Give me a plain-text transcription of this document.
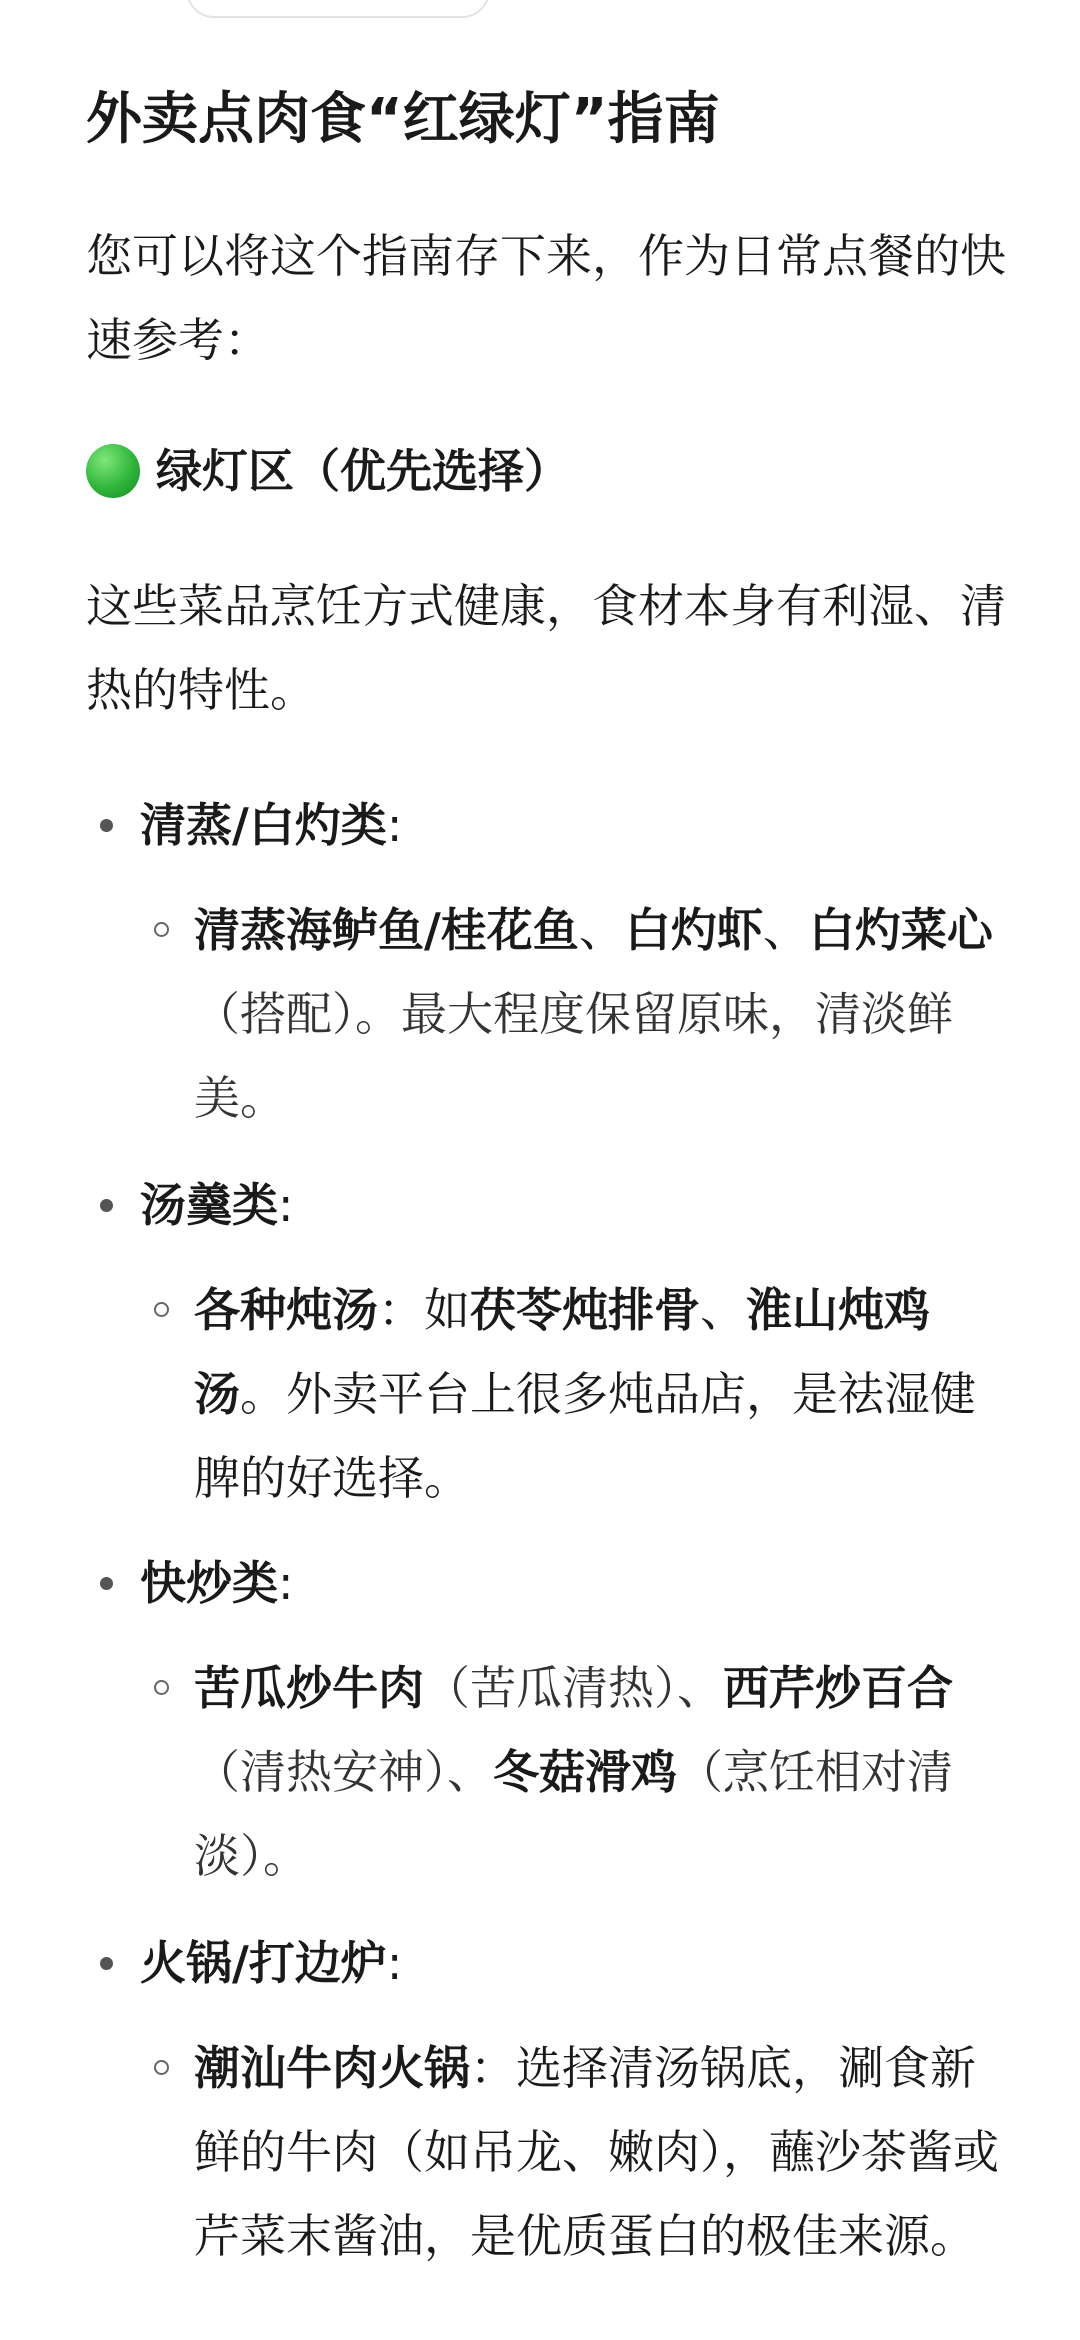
外卖点肉食“红绿灯”指南

您可以将这个指南存下来，作为日常点餐的快速参考：

绿灯区（优先选择）

这些菜品烹饪方式健康，食材本身有利湿、清热的特性。

清蒸/白灼类:
清蒸海鲈鱼/桂花鱼、白灼虾、白灼菜心（搭配）。最大程度保留原味，清淡鲜美。
汤羹类:
各种炖汤：如茯苓炖排骨、淮山炖鸡汤。外卖平台上很多炖品店，是祛湿健脾的好选择。
快炒类:
苦瓜炒牛肉（苦瓜清热）、西芹炒百合（清热安神）、冬菇滑鸡（烹饪相对清淡）。
火锅/打边炉:
潮汕牛肉火锅：选择清汤锅底，涮食新鲜的牛肉（如吊龙、嫩肉），蘸沙茶酱或芹菜末酱油，是优质蛋白的极佳来源。
